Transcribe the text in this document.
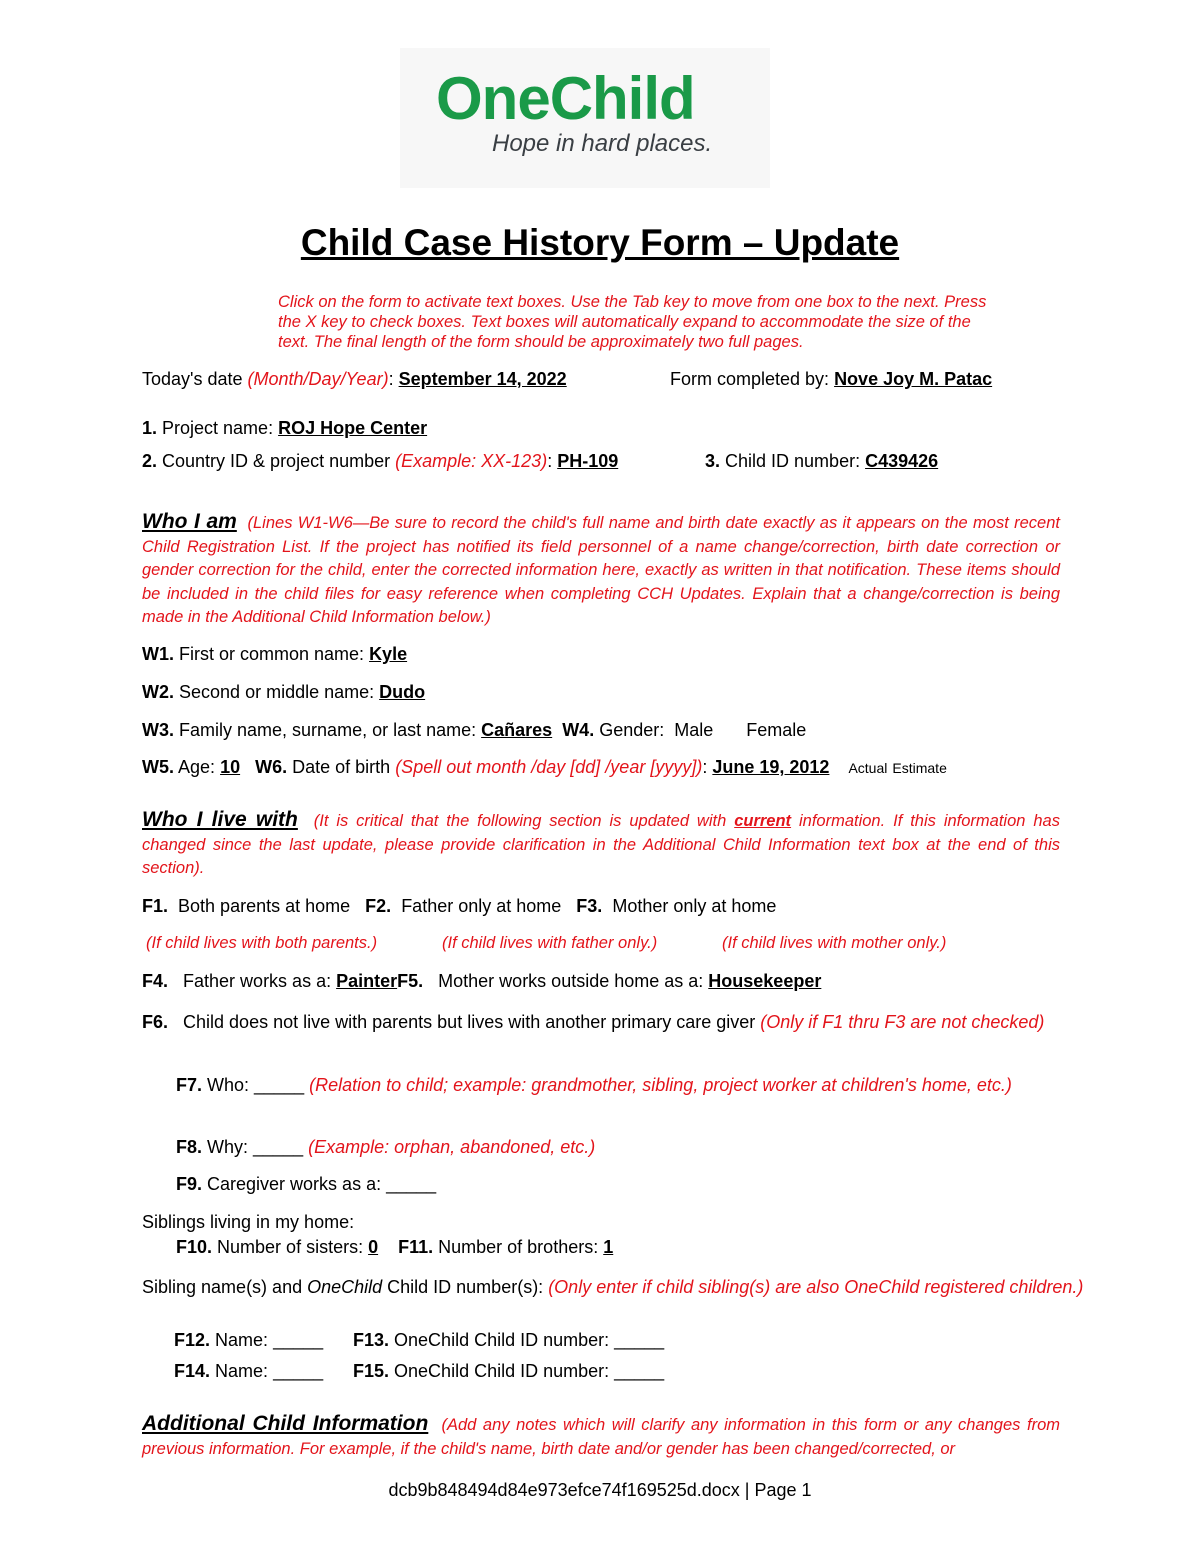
OneChild
Hope in hard places.
Child Case History Form – Update
Click on the form to activate text boxes. Use the Tab key to move from one box to the next. Press the X key to check boxes. Text boxes will automatically expand to accommodate the size of the text. The final length of the form should be approximately two full pages.
Today's date (Month/Day/Year): September 14, 2022	Form completed by: Nove Joy M. Patac
1. Project name: ROJ Hope Center
2. Country ID & project number (Example: XX-123): PH-109	3. Child ID number: C439426
Who I am (Lines W1-W6—Be sure to record the child's full name and birth date exactly as it appears on the most recent Child Registration List. If the project has notified its field personnel of a name change/correction, birth date correction or gender correction for the child, enter the corrected information here, exactly as written in that notification. These items should be included in the child files for easy reference when completing CCH Updates. Explain that a change/correction is being made in the Additional Child Information below.)
W1. First or common name: Kyle
W2. Second or middle name: Dudo
W3. Family name, surname, or last name: Cañares W4. Gender: Male Female
W5. Age: 10 W6. Date of birth (Spell out month /day [dd] /year [yyyy]): June 19, 2012 Actual Estimate
Who I live with (It is critical that the following section is updated with current information. If this information has changed since the last update, please provide clarification in the Additional Child Information text box at the end of this section).
F1. Both parents at home F2. Father only at home F3. Mother only at home
(If child lives with both parents.)	(If child lives with father only.)	(If child lives with mother only.)
F4. Father works as a: PainterF5. Mother works outside home as a: Housekeeper
F6. Child does not live with parents but lives with another primary care giver (Only if F1 thru F3 are not checked)
F7. Who: _____ (Relation to child; example: grandmother, sibling, project worker at children's home, etc.)
F8. Why: _____ (Example: orphan, abandoned, etc.)
F9. Caregiver works as a: _____
Siblings living in my home:
F10. Number of sisters: 0 F11. Number of brothers: 1
Sibling name(s) and OneChild Child ID number(s): (Only enter if child sibling(s) are also OneChild registered children.)
F12. Name: _____ F13. OneChild Child ID number: _____
F14. Name: _____ F15. OneChild Child ID number: _____
Additional Child Information (Add any notes which will clarify any information in this form or any changes from previous information. For example, if the child's name, birth date and/or gender has been changed/corrected, or
dcb9b848494d84e973efce74f169525d.docx | Page 1
